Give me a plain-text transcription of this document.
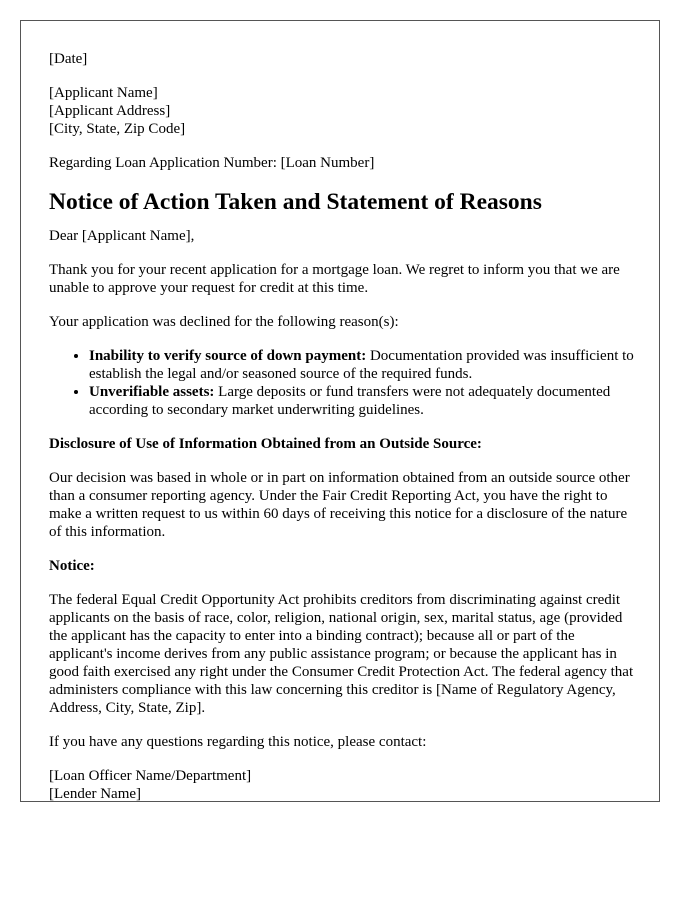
[Date]

[Applicant Name]
[Applicant Address]
[City, State, Zip Code]

Regarding Loan Application Number: [Loan Number]

Notice of Action Taken and Statement of Reasons

Dear [Applicant Name],

Thank you for your recent application for a mortgage loan. We regret to inform you that we are unable to approve your request for credit at this time.

Your application was declined for the following reason(s):

• Inability to verify source of down payment: Documentation provided was insufficient to establish the legal and/or seasoned source of the required funds.
• Unverifiable assets: Large deposits or fund transfers were not adequately documented according to secondary market underwriting guidelines.

Disclosure of Use of Information Obtained from an Outside Source:

Our decision was based in whole or in part on information obtained from an outside source other than a consumer reporting agency. Under the Fair Credit Reporting Act, you have the right to make a written request to us within 60 days of receiving this notice for a disclosure of the nature of this information.

Notice:

The federal Equal Credit Opportunity Act prohibits creditors from discriminating against credit applicants on the basis of race, color, religion, national origin, sex, marital status, age (provided the applicant has the capacity to enter into a binding contract); because all or part of the applicant's income derives from any public assistance program; or because the applicant has in good faith exercised any right under the Consumer Credit Protection Act. The federal agency that administers compliance with this law concerning this creditor is [Name of Regulatory Agency, Address, City, State, Zip].

If you have any questions regarding this notice, please contact:

[Loan Officer Name/Department]
[Lender Name]
